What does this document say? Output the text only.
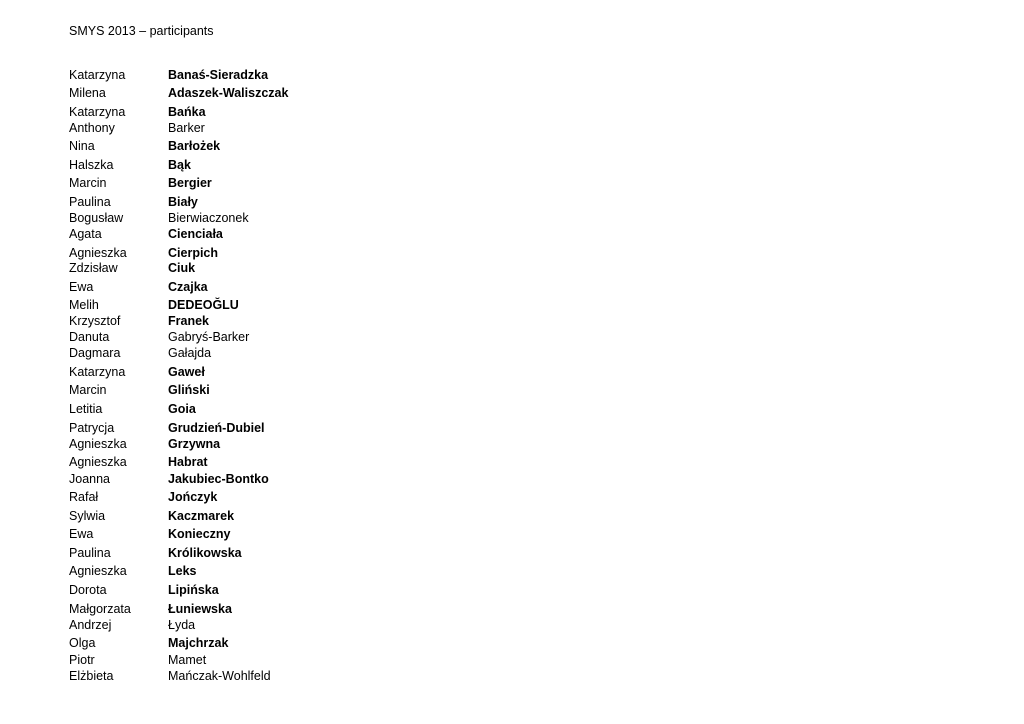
SMYS 2013 – participants
Katarzyna	Banaś-Sieradzka
Milena	Adaszek-Waliszczak
Katarzyna	Bańka
Anthony	Barker
Nina	Barłożek
Halszka	Bąk
Marcin	Bergier
Paulina	Biały
Bogusław	Bierwiaczonek
Agata	Cienciała
Agnieszka	Cierpich
Zdzisław	Ciuk
Ewa	Czajka
Melih	DEDEOĞLU
Krzysztof	Franek
Danuta	Gabryś-Barker
Dagmara	Gałajda
Katarzyna	Gaweł
Marcin	Gliński
Letitia	Goia
Patrycja	Grudzień-Dubiel
Agnieszka	Grzywna
Agnieszka	Habrat
Joanna	Jakubiec-Bontko
Rafał	Jończyk
Sylwia	Kaczmarek
Ewa	Konieczny
Paulina	Królikowska
Agnieszka	Leks
Dorota	Lipińska
Małgorzata	Łuniewska
Andrzej	Łyda
Olga	Majchrzak
Piotr	Mamet
Elżbieta	Mańczak-Wohlfeld
